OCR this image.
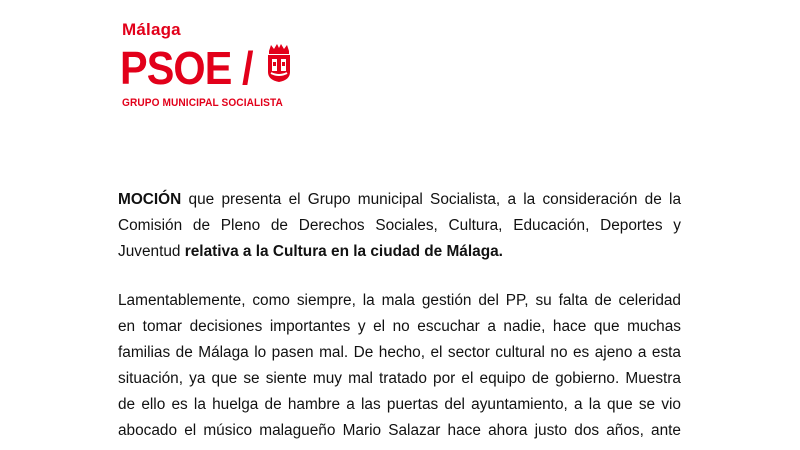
Málaga
PSOE /
GRUPO MUNICIPAL SOCIALISTA
MOCIÓN que presenta el Grupo municipal Socialista, a la consideración de la
Comisión de Pleno de Derechos Sociales, Cultura, Educación, Deportes y
Juventud relativa a la Cultura en la ciudad de Málaga.
Lamentablemente, como siempre, la mala gestión del PP, su falta de celeridad
en tomar decisiones importantes y el no escuchar a nadie, hace que muchas
familias de Málaga lo pasen mal. De hecho, el sector cultural no es ajeno a esta
situación, ya que se siente muy mal tratado por el equipo de gobierno. Muestra
de ello es la huelga de hambre a las puertas del ayuntamiento, a la que se vio
abocado el músico malagueño Mario Salazar hace ahora justo dos años, ante
